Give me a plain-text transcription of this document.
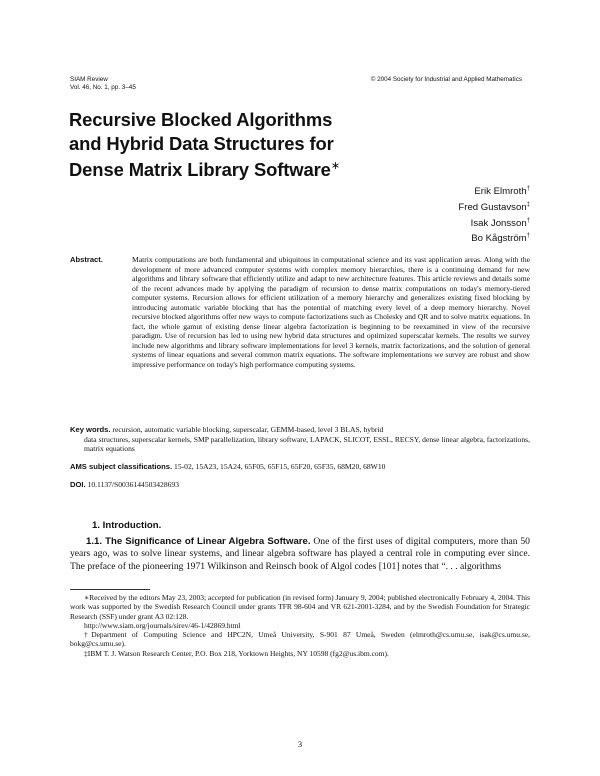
SIAM Review
Vol. 46, No. 1, pp. 3–45
© 2004 Society for Industrial and Applied Mathematics
Recursive Blocked Algorithms
and Hybrid Data Structures for
Dense Matrix Library Software∗
Erik Elmroth†
Fred Gustavson‡
Isak Jonsson†
Bo Kågström†
Abstract.	Matrix computations are both fundamental and ubiquitous in computational science and its vast application areas. Along with the development of more advanced computer systems with complex memory hierarchies, there is a continuing demand for new algorithms and library software that efficiently utilize and adapt to new architecture features. This article reviews and details some of the recent advances made by applying the paradigm of recursion to dense matrix computations on today's memory-tiered computer systems. Recursion allows for efficient utilization of a memory hierarchy and generalizes existing fixed blocking by introducing automatic variable blocking that has the potential of matching every level of a deep memory hierarchy. Novel recursive blocked algorithms offer new ways to compute factorizations such as Cholesky and QR and to solve matrix equations. In fact, the whole gamut of existing dense linear algebra factorization is beginning to be reexamined in view of the recursive paradigm. Use of recursion has led to using new hybrid data structures and optimized superscalar kernels. The results we survey include new algorithms and library software implementations for level 3 kernels, matrix factorizations, and the solution of general systems of linear equations and several common matrix equations. The software implementations we survey are robust and show impressive performance on today's high performance computing systems.
Key words. recursion, automatic variable blocking, superscalar, GEMM-based, level 3 BLAS, hybrid
data structures, superscalar kernels, SMP parallelization, library software, LAPACK, SLICOT, ESSL, RECSY, dense linear algebra, factorizations, matrix equations
AMS subject classifications. 15-02, 15A23, 15A24, 65F05, 65F15, 65F20, 65F35, 68M20, 68W10
DOI. 10.1137/S0036144503428693
1. Introduction.
1.1. The Significance of Linear Algebra Software. One of the first uses of digital computers, more than 50 years ago, was to solve linear systems, and linear algebra software has played a central role in computing ever since. The preface of the pioneering 1971 Wilkinson and Reinsch book of Algol codes [101] notes that “. . . algorithms

∗Received by the editors May 23, 2003; accepted for publication (in revised form) January 9, 2004; published electronically February 4, 2004. This work was supported by the Swedish Research Council under grants TFR 98-604 and VR 621-2001-3284, and by the Swedish Foundation for Strategic Research (SSF) under grant A3 02:128.

http://www.siam.org/journals/sirev/46-1/42869.html

†Department of Computing Science and HPC2N, Umeå University, S-901 87 Umeå, Sweden (elmroth@cs.umu.se, isak@cs.umu.se, bokg@cs.umu.se).

‡IBM T. J. Watson Research Center, P.O. Box 218, Yorktown Heights, NY 10598 (fg2@us.ibm.com).

3
